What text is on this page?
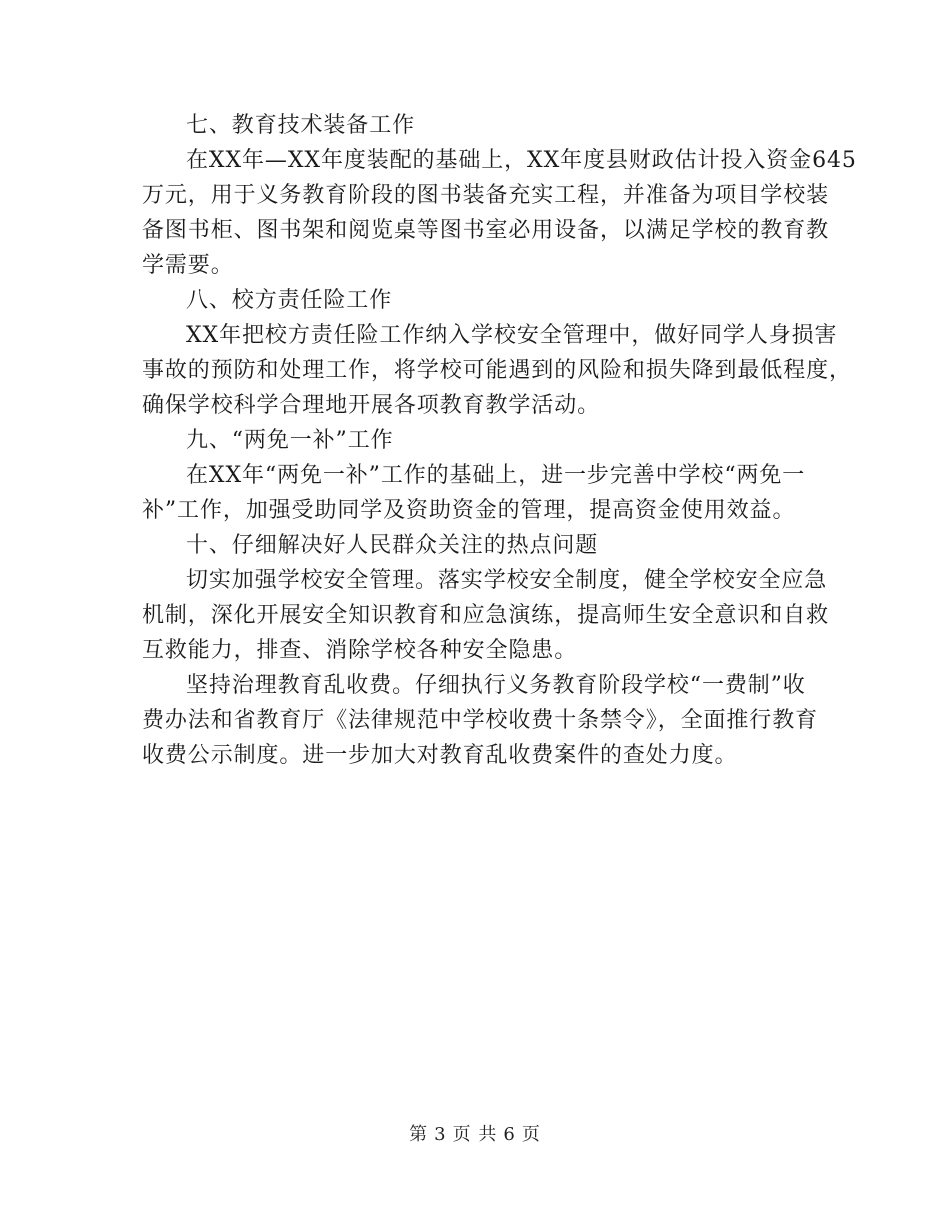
七、教育技术装备工作

在XX年—XX年度装配的基础上，XX年度县财政估计投入资金645

万元，用于义务教育阶段的图书装备充实工程，并准备为项目学校装

备图书柜、图书架和阅览桌等图书室必用设备，以满足学校的教育教

学需要。

八、校方责任险工作

XX年把校方责任险工作纳入学校安全管理中，做好同学人身损害

事故的预防和处理工作，将学校可能遇到的风险和损失降到最低程度，

确保学校科学合理地开展各项教育教学活动。

九、“两免一补”工作

在XX年“两免一补”工作的基础上，进一步完善中学校“两免一

补”工作，加强受助同学及资助资金的管理，提高资金使用效益。

十、仔细解决好人民群众关注的热点问题

切实加强学校安全管理。落实学校安全制度，健全学校安全应急

机制，深化开展安全知识教育和应急演练，提高师生安全意识和自救

互救能力，排查、消除学校各种安全隐患。

坚持治理教育乱收费。仔细执行义务教育阶段学校“一费制”收

费办法和省教育厅《法律规范中学校收费十条禁令》，全面推行教育

收费公示制度。进一步加大对教育乱收费案件的查处力度。

第 3 页 共 6 页
